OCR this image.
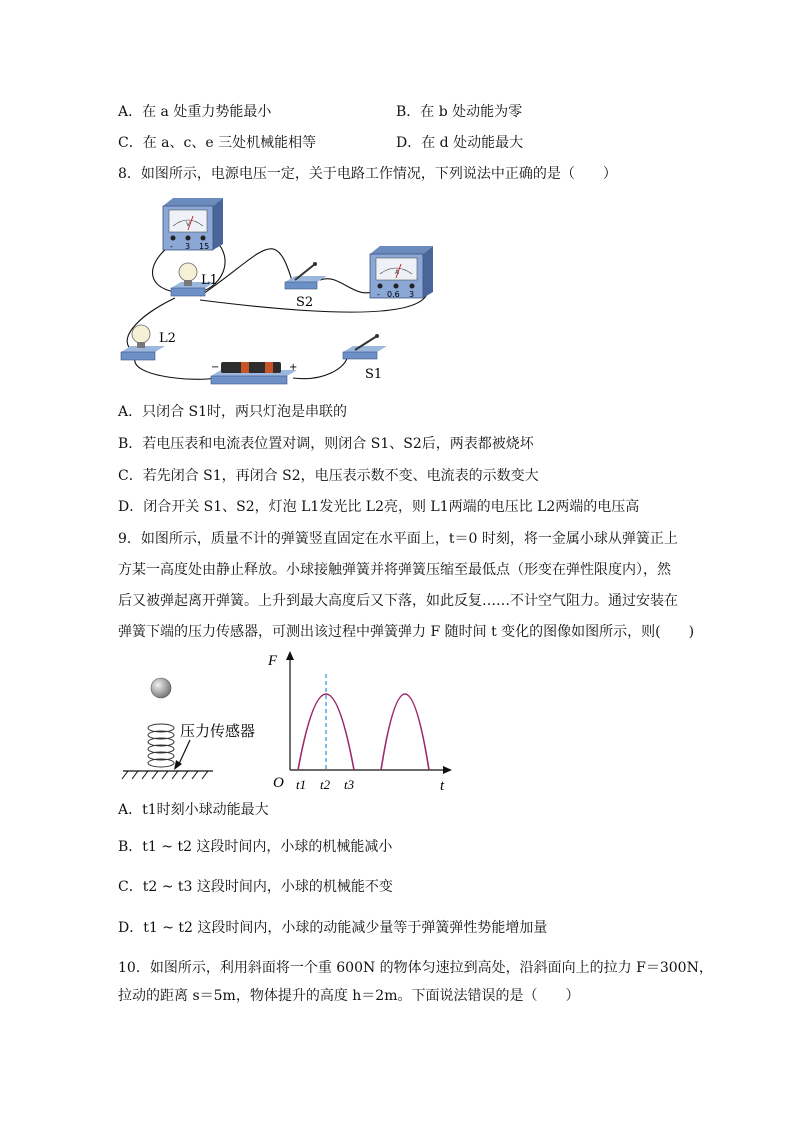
A．在 a 处重力势能最小	B．在 b 处动能为零
C．在 a、c、e 三处机械能相等	D．在 d 处动能最大
8．如图所示，电源电压一定，关于电路工作情况，下列说法中正确的是（　　）
V
- 3 15
L1
L2
S2
A
- 0.6 3
S1
−	+
A．只闭合 S1时，两只灯泡是串联的
B．若电压表和电流表位置对调，则闭合 S1、S2后，两表都被烧坏
C．若先闭合 S1，再闭合 S2，电压表示数不变、电流表的示数变大
D．闭合开关 S1、S2，灯泡 L1发光比 L2亮，则 L1两端的电压比 L2两端的电压高
9．如图所示，质量不计的弹簧竖直固定在水平面上，t＝0 时刻，将一金属小球从弹簧正上
方某一高度处由静止释放。小球接触弹簧并将弹簧压缩至最低点（形变在弹性限度内），然
后又被弹起离开弹簧。上升到最大高度后又下落，如此反复……不计空气阻力。通过安装在
弹簧下端的压力传感器，可测出该过程中弹簧弹力 F 随时间 t 变化的图像如图所示，则(　　)
压力传感器
F
t
O t1 t2 t3
A．t1时刻小球动能最大
B．t1 ~ t2 这段时间内，小球的机械能减小
C．t2 ~ t3 这段时间内，小球的机械能不变
D．t1 ~ t2 这段时间内，小球的动能减少量等于弹簧弹性势能增加量
10．如图所示，利用斜面将一个重 600N 的物体匀速拉到高处，沿斜面向上的拉力 F＝300N，
拉动的距离 s＝5m，物体提升的高度 h＝2m。下面说法错误的是（　　）
